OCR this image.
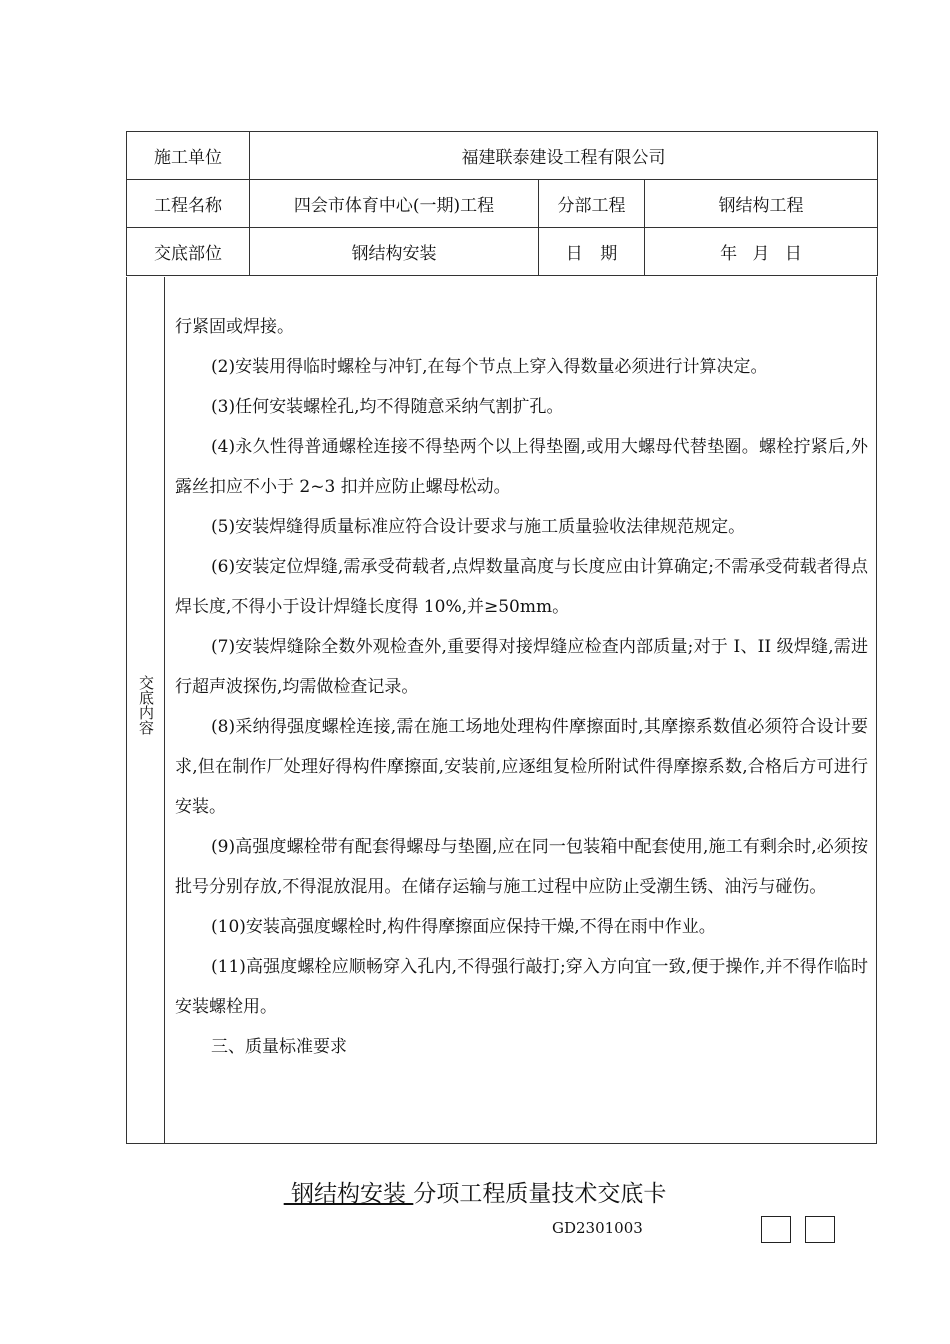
施工单位	福建联泰建设工程有限公司		
工程名称	四会市体育中心(一期)工程	分部工程	钢结构工程
交底部位	钢结构安装	日 期	年 月 日
交底内容

行紧固或焊接。

(2)安装用得临时螺栓与冲钉,在每个节点上穿入得数量必须进行计算决定。

(3)任何安装螺栓孔,均不得随意采纳气割扩孔。

(4)永久性得普通螺栓连接不得垫两个以上得垫圈,或用大螺母代替垫圈。螺栓拧紧后,外露丝扣应不小于 2~3 扣并应防止螺母松动。

(5)安装焊缝得质量标准应符合设计要求与施工质量验收法律规范规定。

(6)安装定位焊缝,需承受荷载者,点焊数量高度与长度应由计算确定;不需承受荷载者得点焊长度,不得小于设计焊缝长度得 10%,并≥50mm。

(7)安装焊缝除全数外观检查外,重要得对接焊缝应检查内部质量;对于 I、II 级焊缝,需进行超声波探伤,均需做检查记录。

(8)采纳得强度螺栓连接,需在施工场地处理构件摩擦面时,其摩擦系数值必须符合设计要求,但在制作厂处理好得构件摩擦面,安装前,应逐组复检所附试件得摩擦系数,合格后方可进行安装。

(9)高强度螺栓带有配套得螺母与垫圈,应在同一包装箱中配套使用,施工有剩余时,必须按批号分别存放,不得混放混用。在储存运输与施工过程中应防止受潮生锈、油污与碰伤。

(10)安装高强度螺栓时,构件得摩擦面应保持干燥,不得在雨中作业。

(11)高强度螺栓应顺畅穿入孔内,不得强行敲打;穿入方向宜一致,便于操作,并不得作临时安装螺栓用。

三、质量标准要求

钢结构安装 分项工程质量技术交底卡
GD2301003
